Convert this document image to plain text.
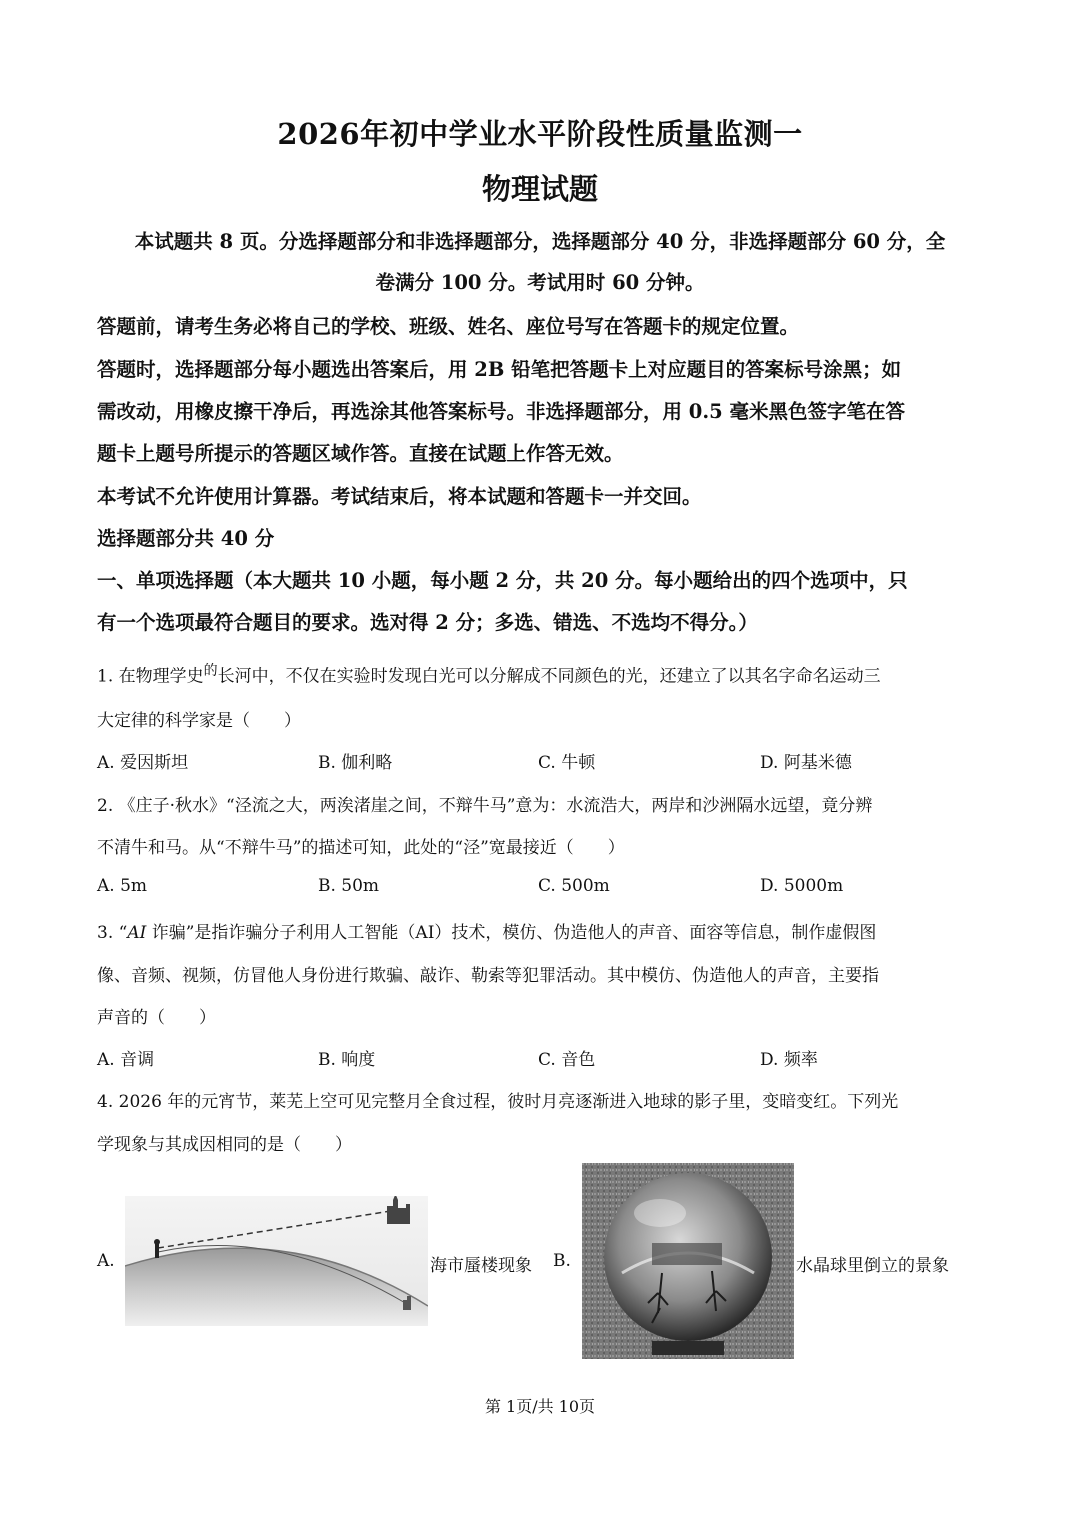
2026年初中学业水平阶段性质量监测一
物理试题
本试题共 8 页。分选择题部分和非选择题部分，选择题部分 40 分，非选择题部分 60 分，全
卷满分 100 分。考试用时 60 分钟。
答题前，请考生务必将自己的学校、班级、姓名、座位号写在答题卡的规定位置。
答题时，选择题部分每小题选出答案后，用 2B 铅笔把答题卡上对应题目的答案标号涂黑；如
需改动，用橡皮擦干净后，再选涂其他答案标号。非选择题部分，用 0.5 毫米黑色签字笔在答
题卡上题号所提示的答题区域作答。直接在试题上作答无效。
本考试不允许使用计算器。考试结束后，将本试题和答题卡一并交回。
选择题部分共 40 分
一、单项选择题（本大题共 10 小题，每小题 2 分，共 20 分。每小题给出的四个选项中，只
有一个选项最符合题目的要求。选对得 2 分；多选、错选、不选均不得分。）
1. 在物理学史$^的$长河中，不仅在实验时发现白光可以分解成不同颜色的光，还建立了以其名字命名运动三
大定律的科学家是（　　）
A. 爱因斯坦	B. 伽利略	C. 牛顿	D. 阿基米德
2. 《庄子·秋水》“泾流之大，两涘渚崖之间，不辩牛马”意为：水流浩大，两岸和沙洲隔水远望，竟分辨
不清牛和马。从“不辩牛马”的描述可知，此处的“泾”宽最接近（　　）
A. 5m	B. 50m	C. 500m	D. 5000m
3. “AI 诈骗”是指诈骗分子利用人工智能（AI）技术，模仿、伪造他人的声音、面容等信息，制作虚假图
像、音频、视频，仿冒他人身份进行欺骗、敲诈、勒索等犯罪活动。其中模仿、伪造他人的声音，主要指
声音的（　　）
A. 音调	B. 响度	C. 音色	D. 频率
4. 2026 年的元宵节，莱芜上空可见完整月全食过程，彼时月亮逐渐进入地球的影子里，变暗变红。下列光
学现象与其成因相同的是（　　）
A.	海市蜃楼现象 B.	水晶球里倒立的景象
第 1页/共 10页
